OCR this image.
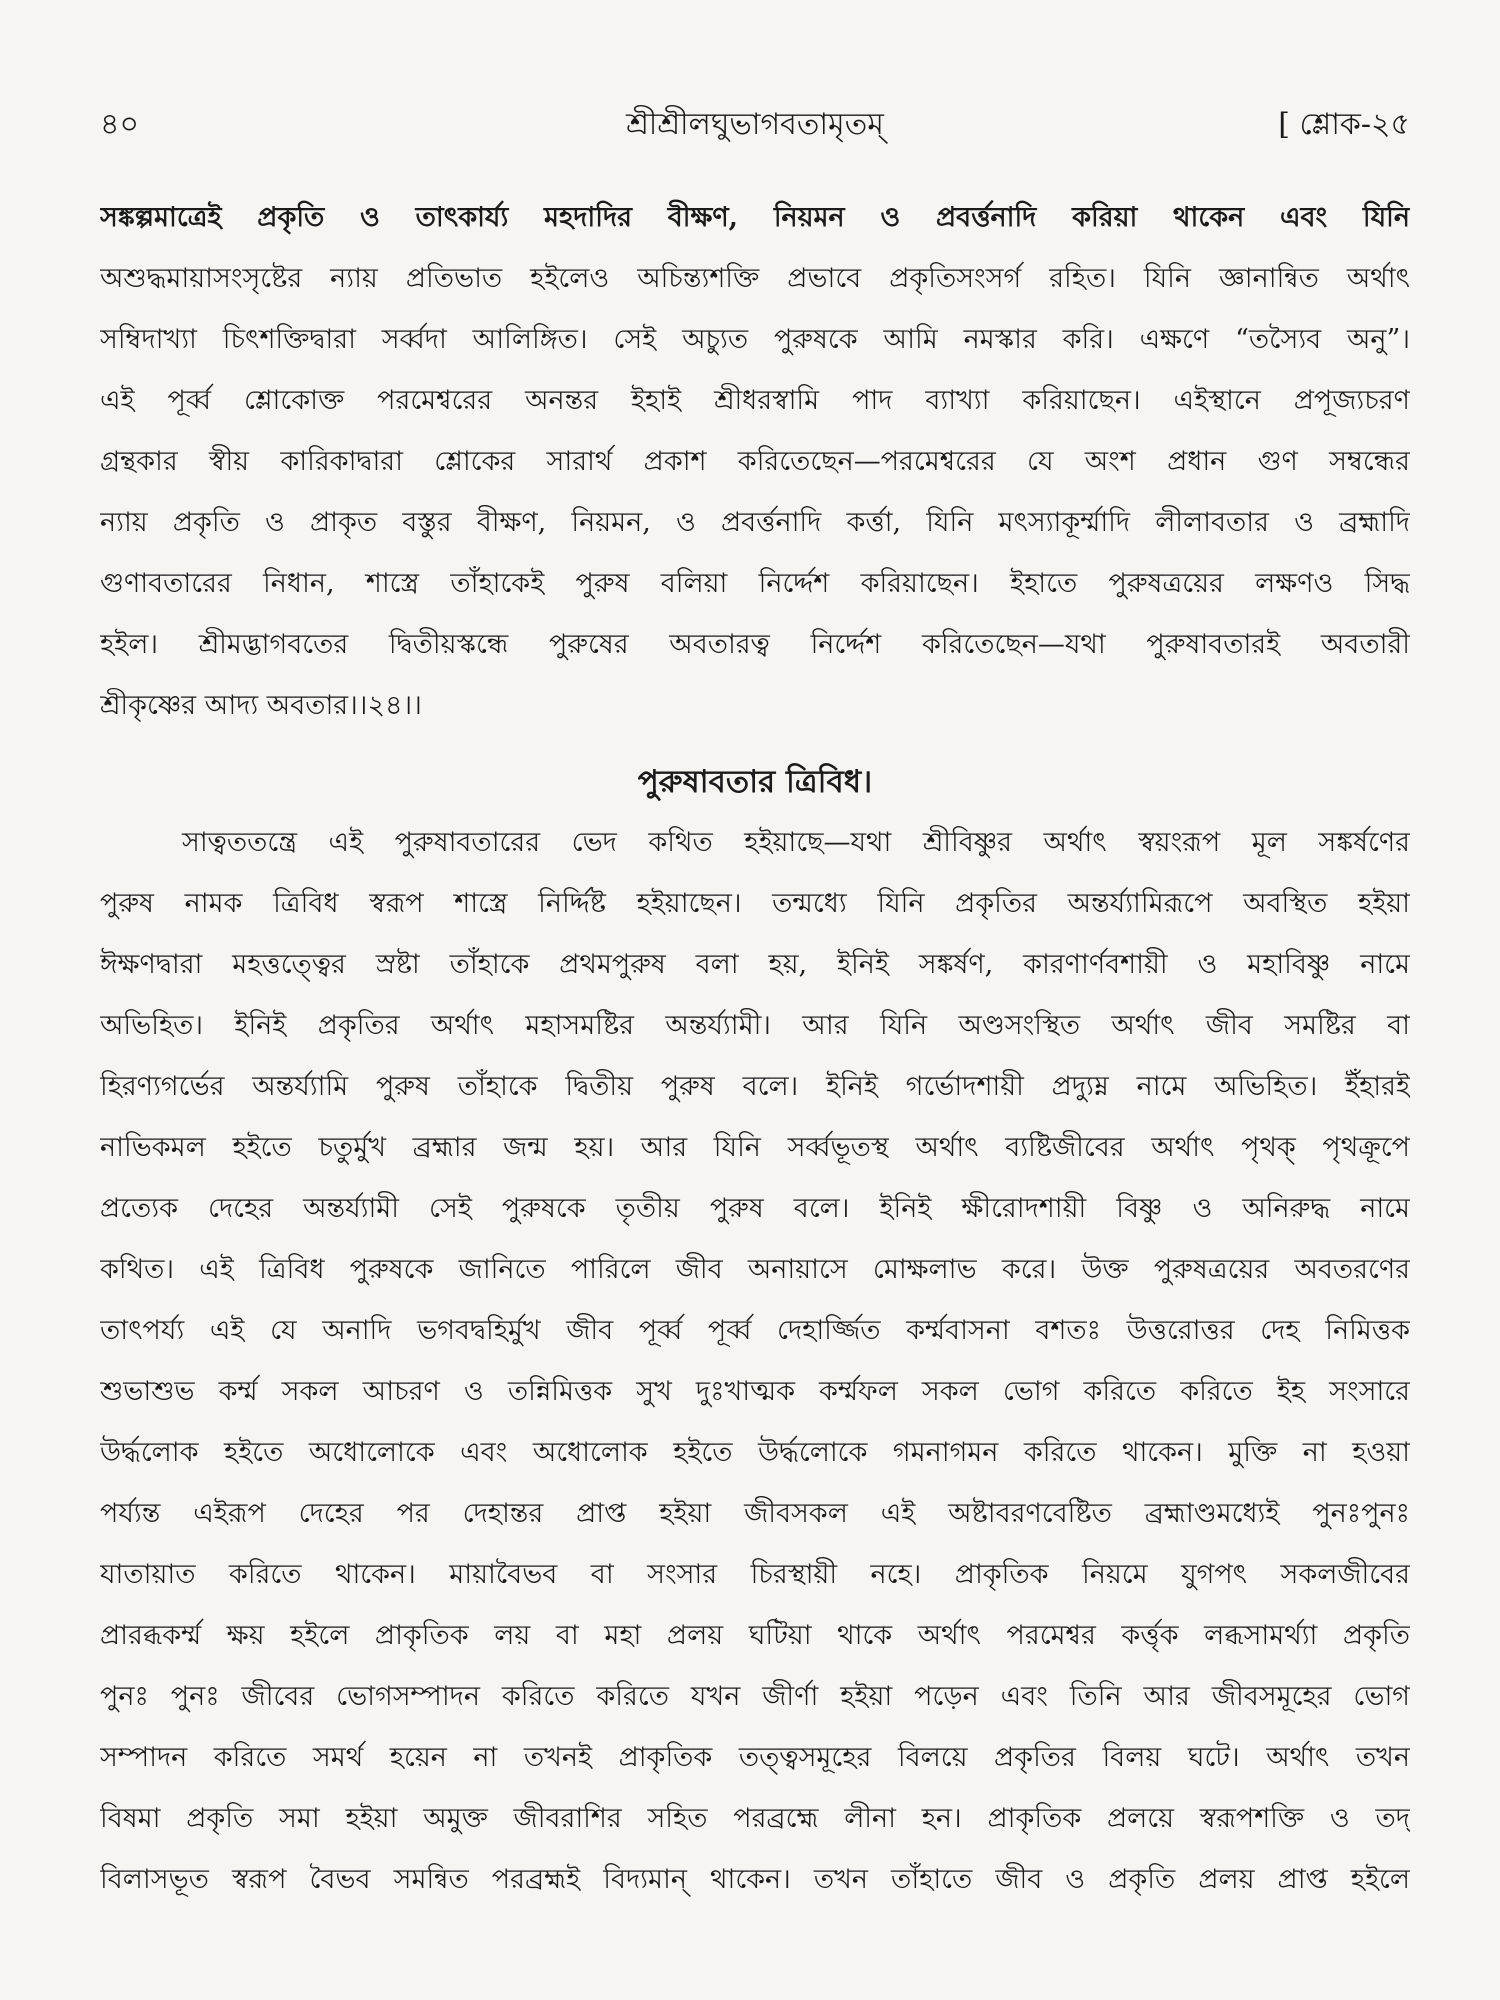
৪০	শ্রীশ্রীলঘুভাগবতামৃতম্	[ শ্লোক-২৫
সঙ্কল্পমাত্রেই প্রকৃতি ও তাৎকার্য্য মহদাদির বীক্ষণ, নিয়মন ও প্রবর্ত্তনাদি করিয়া থাকেন এবং যিনি
অশুদ্ধমায়াসংসৃষ্টের ন্যায় প্রতিভাত হইলেও অচিন্ত্যশক্তি প্রভাবে প্রকৃতিসংসর্গ রহিত। যিনি জ্ঞানান্বিত অর্থাৎ
সম্বিদাখ্যা চিৎশক্তিদ্বারা সর্ব্বদা আলিঙ্গিত। সেই অচ্যুত পুরুষকে আমি নমস্কার করি। এক্ষণে “তস্যৈব অনু”।
এই পূর্ব্ব শ্লোকোক্ত পরমেশ্বরের অনন্তর ইহাই শ্রীধরস্বামি পাদ ব্যাখ্যা করিয়াছেন। এইস্থানে প্রপূজ্যচরণ
গ্রন্থকার স্বীয় কারিকাদ্বারা শ্লোকের সারার্থ প্রকাশ করিতেছেন—পরমেশ্বরের যে অংশ প্রধান গুণ সম্বন্ধের
ন্যায় প্রকৃতি ও প্রাকৃত বস্তুর বীক্ষণ, নিয়মন, ও প্রবর্ত্তনাদি কর্ত্তা, যিনি মৎস্যাকূর্ম্মাদি লীলাবতার ও ব্রহ্মাদি
গুণাবতারের নিধান, শাস্ত্রে তাঁহাকেই পুরুষ বলিয়া নির্দ্দেশ করিয়াছেন। ইহাতে পুরুষত্রয়ের লক্ষণও সিদ্ধ
হইল। শ্রীমদ্ভাগবতের দ্বিতীয়স্কন্ধে পুরুষের অবতারত্ব নির্দ্দেশ করিতেছেন—যথা পুরুষাবতারই অবতারী
শ্রীকৃষ্ণের আদ্য অবতার।।২৪।।
পুরুষাবতার ত্রিবিধ।
সাত্বততন্ত্রে এই পুরুষাবতারের ভেদ কথিত হইয়াছে—যথা শ্রীবিষ্ণুর অর্থাৎ স্বয়ংরূপ মূল সঙ্কর্ষণের
পুরুষ নামক ত্রিবিধ স্বরূপ শাস্ত্রে নির্দ্দিষ্ট হইয়াছেন। তন্মধ্যে যিনি প্রকৃতির অন্তর্য্যামিরূপে অবস্থিত হইয়া
ঈক্ষণদ্বারা মহত্তত্ত্বের স্রষ্টা তাঁহাকে প্রথমপুরুষ বলা হয়, ইনিই সঙ্কর্ষণ, কারণার্ণবশায়ী ও মহাবিষ্ণু নামে
অভিহিত। ইনিই প্রকৃতির অর্থাৎ মহাসমষ্টির অন্তর্য্যামী। আর যিনি অণ্ডসংস্থিত অর্থাৎ জীব সমষ্টির বা
হিরণ্যগর্ভের অন্তর্য্যামি পুরুষ তাঁহাকে দ্বিতীয় পুরুষ বলে। ইনিই গর্ভোদশায়ী প্রদ্যুম্ন নামে অভিহিত। ইঁহারই
নাভিকমল হইতে চতুর্মুখ ব্রহ্মার জন্ম হয়। আর যিনি সর্ব্বভূতস্থ অর্থাৎ ব্যষ্টিজীবের অর্থাৎ পৃথক্ পৃথক্রূপে
প্রত্যেক দেহের অন্তর্য্যামী সেই পুরুষকে তৃতীয় পুরুষ বলে। ইনিই ক্ষীরোদশায়ী বিষ্ণু ও অনিরুদ্ধ নামে
কথিত। এই ত্রিবিধ পুরুষকে জানিতে পারিলে জীব অনায়াসে মোক্ষলাভ করে। উক্ত পুরুষত্রয়ের অবতরণের
তাৎপর্য্য এই যে অনাদি ভগবদ্বহির্মুখ জীব পূর্ব্ব পূর্ব্ব দেহার্জ্জিত কর্ম্মবাসনা বশতঃ উত্তরোত্তর দেহ নিমিত্তক
শুভাশুভ কর্ম্ম সকল আচরণ ও তন্নিমিত্তক সুখ দুঃখাত্মক কর্ম্মফল সকল ভোগ করিতে করিতে ইহ সংসারে
উর্দ্ধলোক হইতে অধোলোকে এবং অধোলোক হইতে উর্দ্ধলোকে গমনাগমন করিতে থাকেন। মুক্তি না হওয়া
পর্য্যন্ত এইরূপ দেহের পর দেহান্তর প্রাপ্ত হইয়া জীবসকল এই অষ্টাবরণবেষ্টিত ব্রহ্মাণ্ডমধ্যেই পুনঃপুনঃ
যাতায়াত করিতে থাকেন। মায়াবৈভব বা সংসার চিরস্থায়ী নহে। প্রাকৃতিক নিয়মে যুগপৎ সকলজীবের
প্রারব্ধকর্ম্ম ক্ষয় হইলে প্রাকৃতিক লয় বা মহা প্রলয় ঘটিয়া থাকে অর্থাৎ পরমেশ্বর কর্ত্তৃক লব্ধসামর্থ্যা প্রকৃতি
পুনঃ পুনঃ জীবের ভোগসম্পাদন করিতে করিতে যখন জীর্ণা হইয়া পড়েন এবং তিনি আর জীবসমূহের ভোগ
সম্পাদন করিতে সমর্থ হয়েন না তখনই প্রাকৃতিক তত্ত্বসমূহের বিলয়ে প্রকৃতির বিলয় ঘটে। অর্থাৎ তখন
বিষমা প্রকৃতি সমা হইয়া অমুক্ত জীবরাশির সহিত পরব্রহ্মে লীনা হন। প্রাকৃতিক প্রলয়ে স্বরূপশক্তি ও তদ্
বিলাসভূত স্বরূপ বৈভব সমন্বিত পরব্রহ্মই বিদ্যমান্ থাকেন। তখন তাঁহাতে জীব ও প্রকৃতি প্রলয় প্রাপ্ত হইলে
